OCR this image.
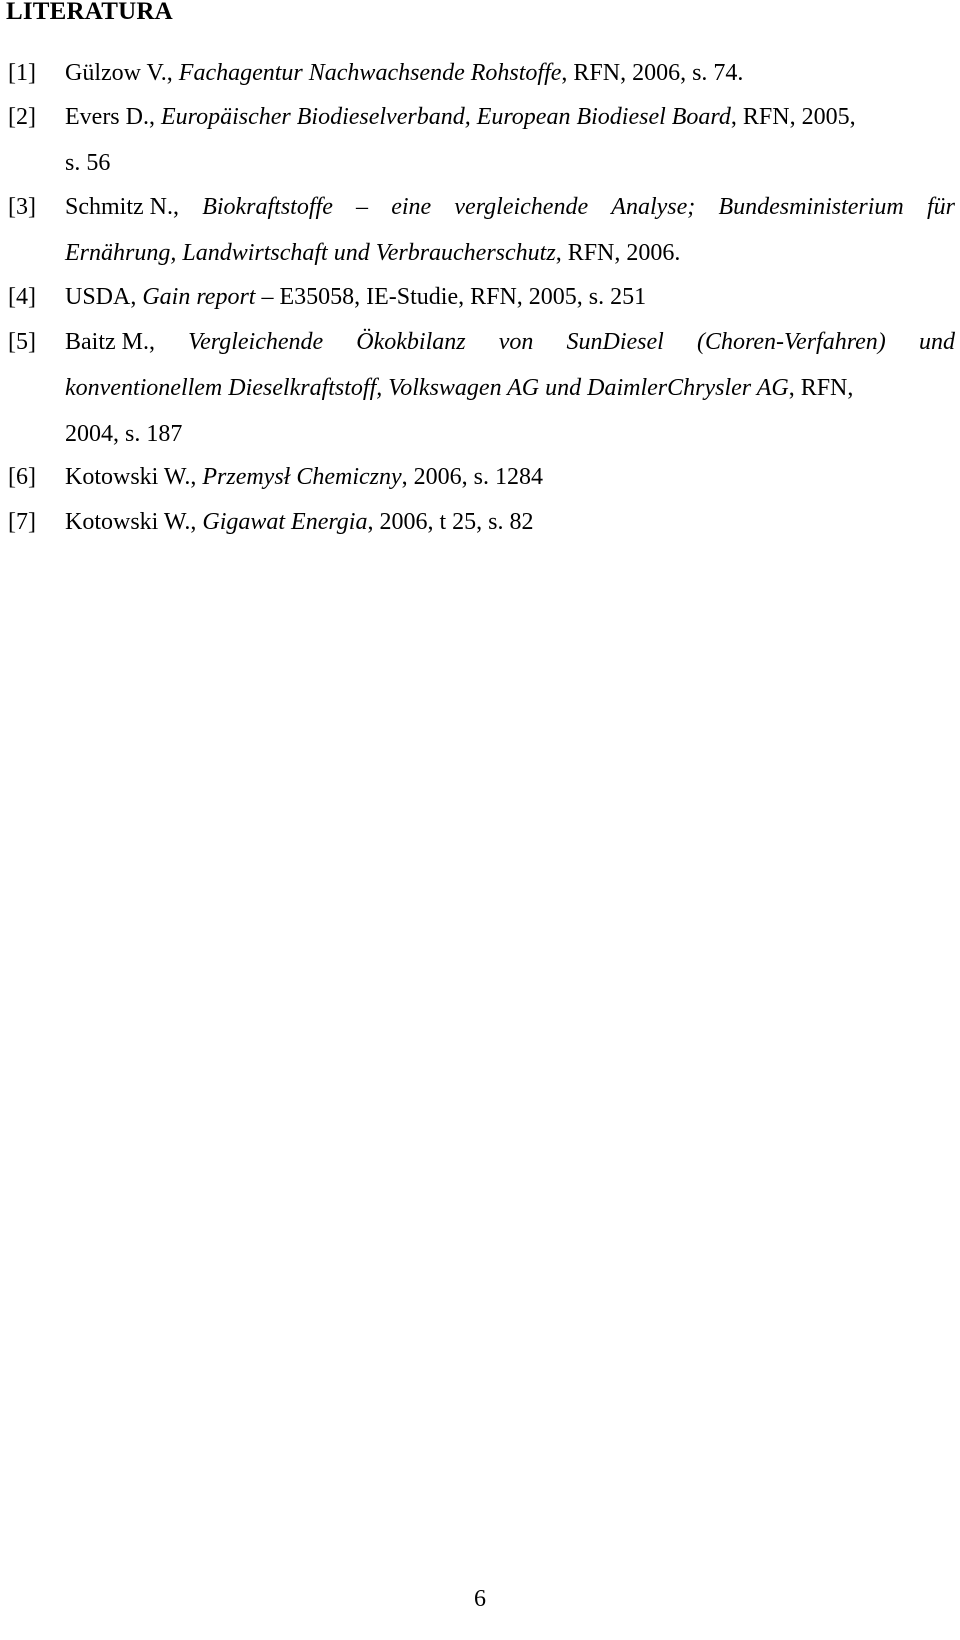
LITERATURA
[1] Gülzow V., Fachagentur Nachwachsende Rohstoffe, RFN, 2006, s. 74.
[2] Evers D., Europäischer Biodieselverband, European Biodiesel Board, RFN, 2005,
s. 56
[3] Schmitz N., Biokraftstoffe – eine vergleichende Analyse; Bundesministerium für
Ernährung, Landwirtschaft und Verbraucherschutz, RFN, 2006.
[4] USDA, Gain report – E35058, IE-Studie, RFN, 2005, s. 251
[5] Baitz M., Vergleichende Ökokbilanz von SunDiesel (Choren-Verfahren) und
konventionellem Dieselkraftstoff, Volkswagen AG und DaimlerChrysler AG, RFN,
2004, s. 187
[6] Kotowski W., Przemysł Chemiczny, 2006, s. 1284
[7] Kotowski W., Gigawat Energia, 2006, t 25, s. 82
6
